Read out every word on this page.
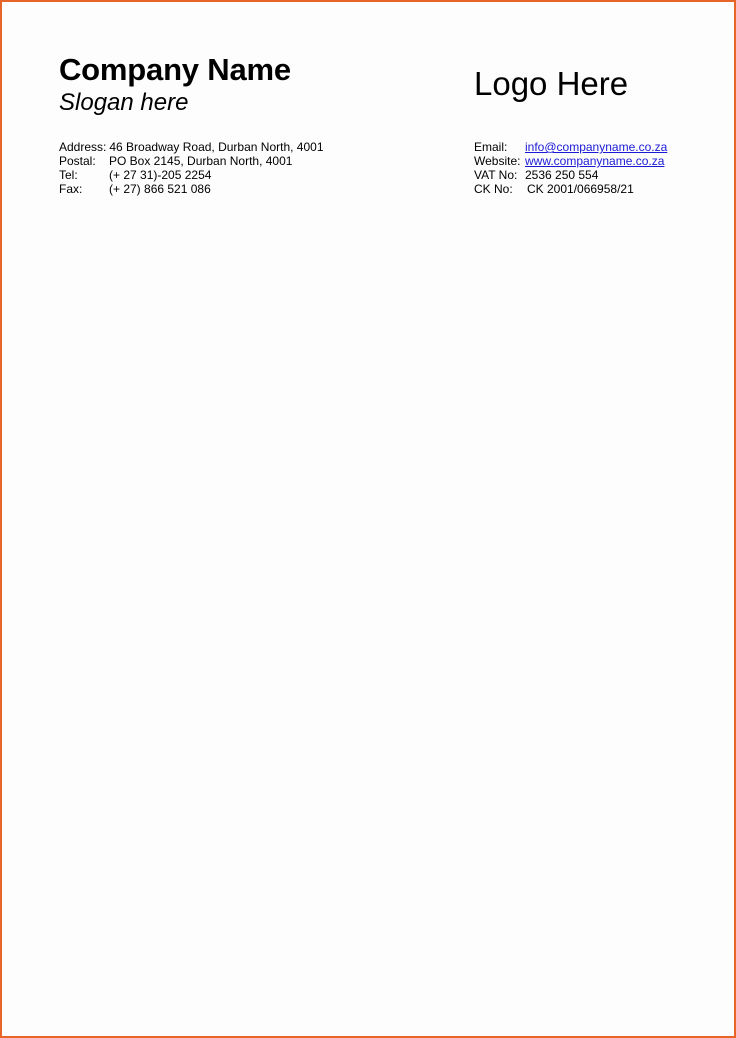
Company Name
Slogan here
Logo Here
Address: 46 Broadway Road, Durban North, 4001
Postal: PO Box 2145, Durban North, 4001
Tel:	(+ 27 31)-205 2254
Fax: (+ 27) 866 521 086
Email: info@companyname.co.za
Website: www.companyname.co.za
VAT No: 2536 250 554
CK No: CK 2001/066958/21
